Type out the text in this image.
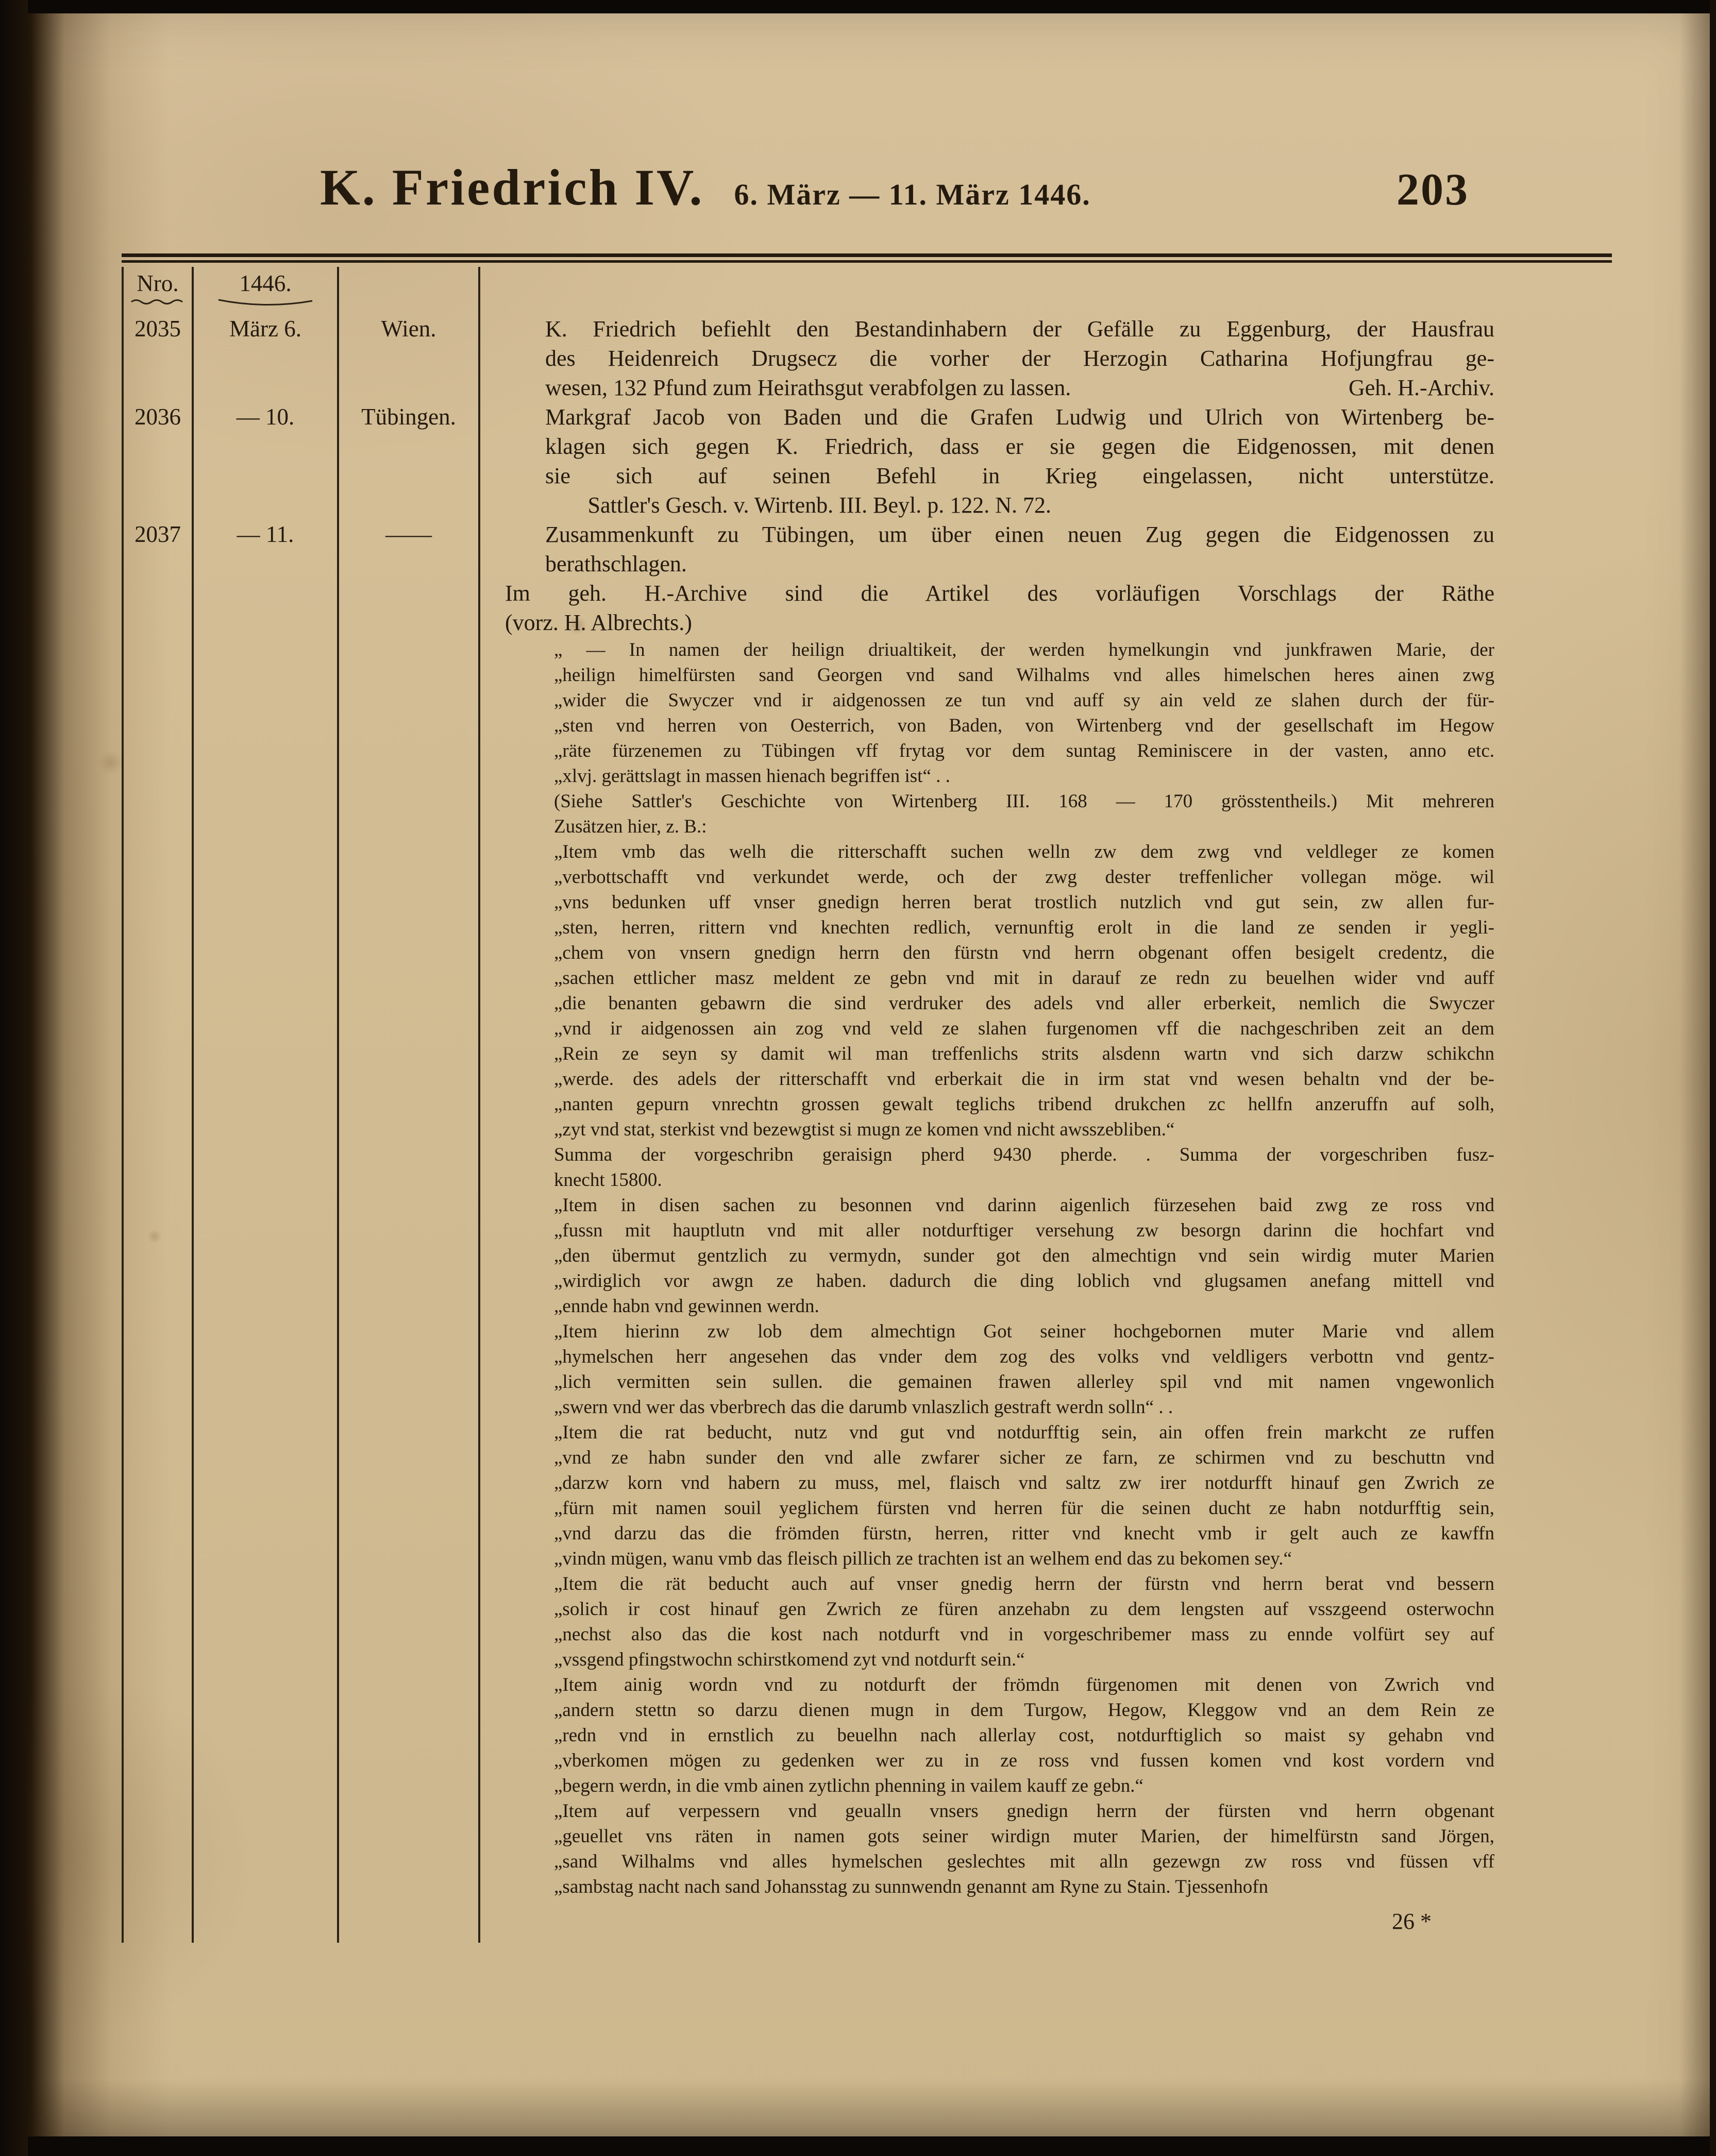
K. Friedrich IV. 6. März — 11. März 1446.	203
Nro.	1446.
2035	März 6.	Wien.	K. Friedrich befiehlt den Bestandinhabern der Gefälle zu Eggenburg, der Hausfrau
des Heidenreich Drugsecz die vorher der Herzogin Catharina Hofjungfrau ge-
Geh. H.-Archiv.
wesen, 132 Pfund zum Heirathsgut verabfolgen zu lassen.
2036	— 10.	Tübingen.	Markgraf Jacob von Baden und die Grafen Ludwig und Ulrich von Wirtenberg be-
klagen sich gegen K. Friedrich, dass er sie gegen die Eidgenossen, mit denen
sie sich auf seinen Befehl in Krieg eingelassen, nicht unterstütze.
Sattler's Gesch. v. Wirtenb. III. Beyl. p. 122. N. 72.
2037	— 11.	——	Zusammenkunft zu Tübingen, um über einen neuen Zug gegen die Eidgenossen zu
berathschlagen.
Im geh. H.-Archive sind die Artikel des vorläufigen Vorschlags der Räthe
(vorz. H. Albrechts.)
„ — In namen der heilign driualtikeit, der werden hymelkungin vnd junkfrawen Marie, der
„heilign himelfürsten sand Georgen vnd sand Wilhalms vnd alles himelschen heres ainen zwg
„wider die Swyczer vnd ir aidgenossen ze tun vnd auff sy ain veld ze slahen durch der für-
„sten vnd herren von Oesterrich, von Baden, von Wirtenberg vnd der gesellschaft im Hegow
„räte fürzenemen zu Tübingen vff frytag vor dem suntag Reminiscere in der vasten, anno etc.
„xlvj. gerättslagt in massen hienach begriffen ist“ . .
(Siehe Sattler's Geschichte von Wirtenberg III. 168 — 170 grösstentheils.) Mit mehreren
Zusätzen hier, z. B.:
„Item vmb das welh die ritterschafft suchen welln zw dem zwg vnd veldleger ze komen
„verbottschafft vnd verkundet werde, och der zwg dester treffenlicher vollegan möge. wil
„vns bedunken uff vnser gnedign herren berat trostlich nutzlich vnd gut sein, zw allen fur-
„sten, herren, rittern vnd knechten redlich, vernunftig erolt in die land ze senden ir yegli-
„chem von vnsern gnedign herrn den fürstn vnd herrn obgenant offen besigelt credentz, die
„sachen ettlicher masz meldent ze gebn vnd mit in darauf ze redn zu beuelhen wider vnd auff
„die benanten gebawrn die sind verdruker des adels vnd aller erberkeit, nemlich die Swyczer
„vnd ir aidgenossen ain zog vnd veld ze slahen furgenomen vff die nachgeschriben zeit an dem
„Rein ze seyn sy damit wil man treffenlichs strits alsdenn wartn vnd sich darzw schikchn
„werde. des adels der ritterschafft vnd erberkait die in irm stat vnd wesen behaltn vnd der be-
„nanten gepurn vnrechtn grossen gewalt teglichs tribend drukchen zc hellfn anzeruffn auf solh,
„zyt vnd stat, sterkist vnd bezewgtist si mugn ze komen vnd nicht awsszebliben.“
Summa der vorgeschribn geraisign pherd 9430 pherde. . Summa der vorgeschriben fusz-
knecht 15800.
„Item in disen sachen zu besonnen vnd darinn aigenlich fürzesehen baid zwg ze ross vnd
„fussn mit hauptlutn vnd mit aller notdurftiger versehung zw besorgn darinn die hochfart vnd
„den übermut gentzlich zu vermydn, sunder got den almechtign vnd sein wirdig muter Marien
„wirdiglich vor awgn ze haben. dadurch die ding loblich vnd glugsamen anefang mittell vnd
„ennde habn vnd gewinnen werdn.
„Item hierinn zw lob dem almechtign Got seiner hochgebornen muter Marie vnd allem
„hymelschen herr angesehen das vnder dem zog des volks vnd veldligers verbottn vnd gentz-
„lich vermitten sein sullen. die gemainen frawen allerley spil vnd mit namen vngewonlich
„swern vnd wer das vberbrech das die darumb vnlaszlich gestraft werdn solln“ . .
„Item die rat beducht, nutz vnd gut vnd notdurfftig sein, ain offen frein markcht ze ruffen
„vnd ze habn sunder den vnd alle zwfarer sicher ze farn, ze schirmen vnd zu beschuttn vnd
„darzw korn vnd habern zu muss, mel, flaisch vnd saltz zw irer notdurfft hinauf gen Zwrich ze
„fürn mit namen souil yeglichem fürsten vnd herren für die seinen ducht ze habn notdurfftig sein,
„vnd darzu das die frömden fürstn, herren, ritter vnd knecht vmb ir gelt auch ze kawffn
„vindn mügen, wanu vmb das fleisch pillich ze trachten ist an welhem end das zu bekomen sey.“
„Item die rät beducht auch auf vnser gnedig herrn der fürstn vnd herrn berat vnd bessern
„solich ir cost hinauf gen Zwrich ze füren anzehabn zu dem lengsten auf vsszgeend osterwochn
„nechst also das die kost nach notdurft vnd in vorgeschribemer mass zu ennde volfürt sey auf
„vssgend pfingstwochn schirstkomend zyt vnd notdurft sein.“
„Item ainig wordn vnd zu notdurft der frömdn fürgenomen mit denen von Zwrich vnd
„andern stettn so darzu dienen mugn in dem Turgow, Hegow, Kleggow vnd an dem Rein ze
„redn vnd in ernstlich zu beuelhn nach allerlay cost, notdurftiglich so maist sy gehabn vnd
„vberkomen mögen zu gedenken wer zu in ze ross vnd fussen komen vnd kost vordern vnd
„begern werdn, in die vmb ainen zytlichn phenning in vailem kauff ze gebn.“
„Item auf verpessern vnd geualln vnsers gnedign herrn der fürsten vnd herrn obgenant
„geuellet vns räten in namen gots seiner wirdign muter Marien, der himelfürstn sand Jörgen,
„sand Wilhalms vnd alles hymelschen geslechtes mit alln gezewgn zw ross vnd füssen vff
„sambstag nacht nach sand Johansstag zu sunnwendn genannt am Ryne zu Stain. Tjessenhofn
26 *
